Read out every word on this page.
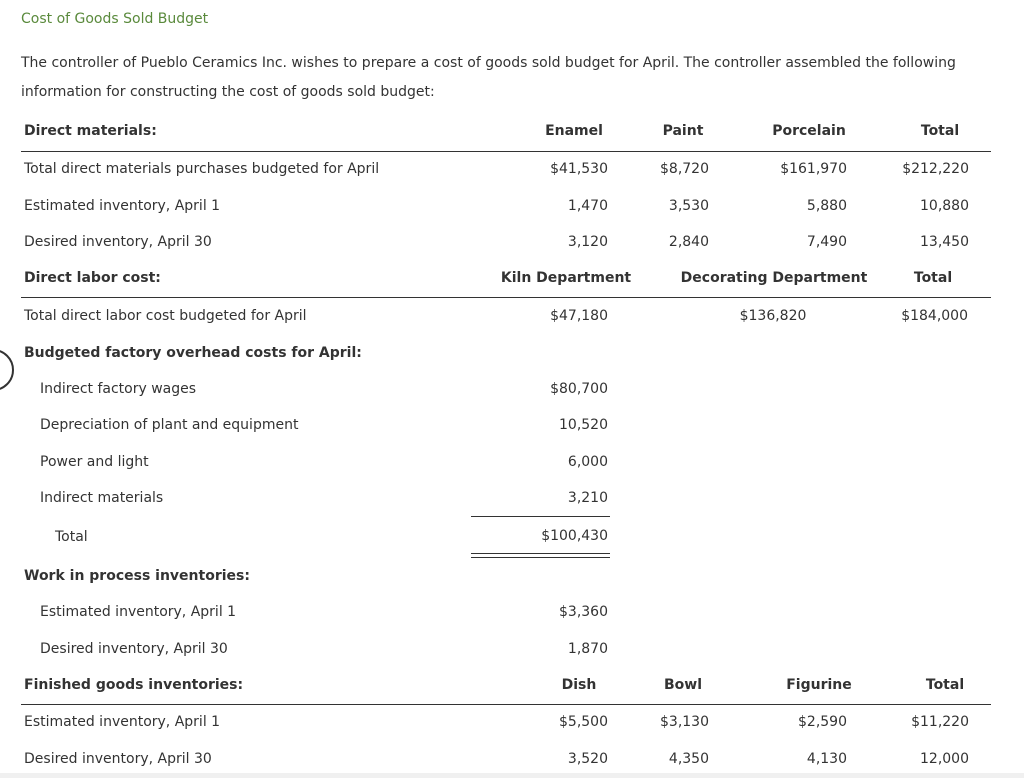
Cost of Goods Sold Budget
The controller of Pueblo Ceramics Inc. wishes to prepare a cost of goods sold budget for April. The controller assembled the following
information for constructing the cost of goods sold budget:
Direct materials:	Enamel	Paint	Porcelain	Total
Total direct materials purchases budgeted for April	$41,530	$8,720	$161,970	$212,220
Estimated inventory, April 1	1,470	3,530	5,880	10,880
Desired inventory, April 30	3,120	2,840	7,490	13,450
Direct labor cost:	Kiln Department	Decorating Department	Total
Total direct labor cost budgeted for April	$47,180	$136,820	$184,000
Budgeted factory overhead costs for April:
Indirect factory wages	$80,700
Depreciation of plant and equipment	10,520
Power and light	6,000
Indirect materials	3,210
Total	$100,430
Work in process inventories:
Estimated inventory, April 1	$3,360
Desired inventory, April 30	1,870
Finished goods inventories:	Dish	Bowl	Figurine	Total
Estimated inventory, April 1	$5,500	$3,130	$2,590	$11,220
Desired inventory, April 30	3,520	4,350	4,130	12,000
